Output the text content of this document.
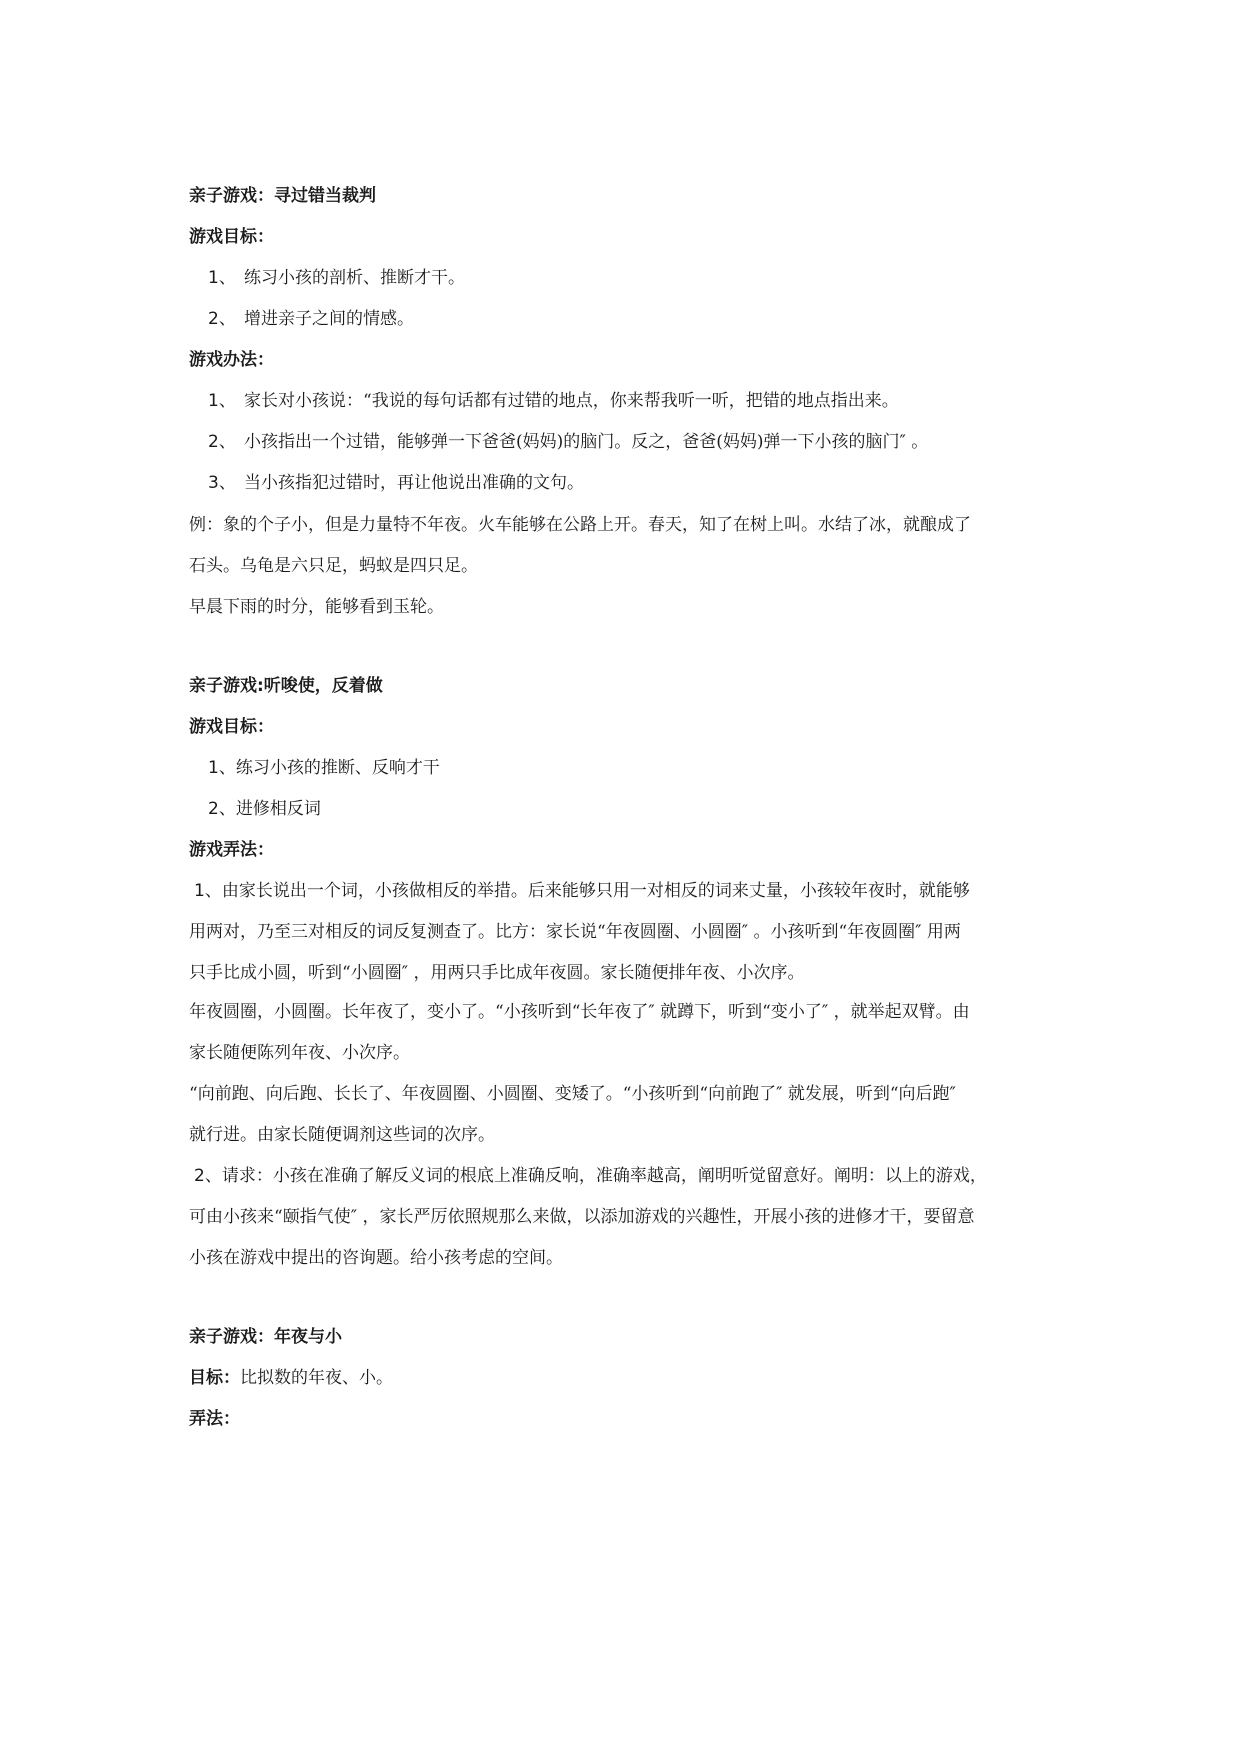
亲子游戏：寻过错当裁判
游戏目标：
1、 练习小孩的剖析、推断才干。
2、 增进亲子之间的情感。
游戏办法：
1、 家长对小孩说：“我说的每句话都有过错的地点，你来帮我听一听，把错的地点指出来。
2、 小孩指出一个过错，能够弹一下爸爸(妈妈)的脑门。反之，爸爸(妈妈)弹一下小孩的脑门″ 。
3、 当小孩指犯过错时，再让他说出准确的文句。
例：象的个子小，但是力量特不年夜。火车能够在公路上开。春天，知了在树上叫。水结了冰，就酿成了
石头。乌龟是六只足，蚂蚁是四只足。
早晨下雨的时分，能够看到玉轮。
亲子游戏:听唆使，反着做
游戏目标：
1、练习小孩的推断、反响才干
2、进修相反词
游戏弄法：
1、由家长说出一个词，小孩做相反的举措。后来能够只用一对相反的词来丈量，小孩较年夜时，就能够
用两对，乃至三对相反的词反复测查了。比方：家长说“年夜圆圈、小圆圈″ 。小孩听到“年夜圆圈″ 用两
只手比成小圆，听到“小圆圈″ ，用两只手比成年夜圆。家长随便排年夜、小次序。
年夜圆圈，小圆圈。长年夜了，变小了。“小孩听到“长年夜了″ 就蹲下，听到“变小了″ ，就举起双臂。由
家长随便陈列年夜、小次序。
“向前跑、向后跑、长长了、年夜圆圈、小圆圈、变矮了。“小孩听到“向前跑了″ 就发展，听到“向后跑″
就行进。由家长随便调剂这些词的次序。
2、请求：小孩在准确了解反义词的根底上准确反响，准确率越高，阐明听觉留意好。阐明：以上的游戏，
可由小孩来“颐指气使″ ，家长严厉依照规那么来做，以添加游戏的兴趣性，开展小孩的进修才干，要留意
小孩在游戏中提出的咨询题。给小孩考虑的空间。
亲子游戏：年夜与小
目标：比拟数的年夜、小。
弄法：
